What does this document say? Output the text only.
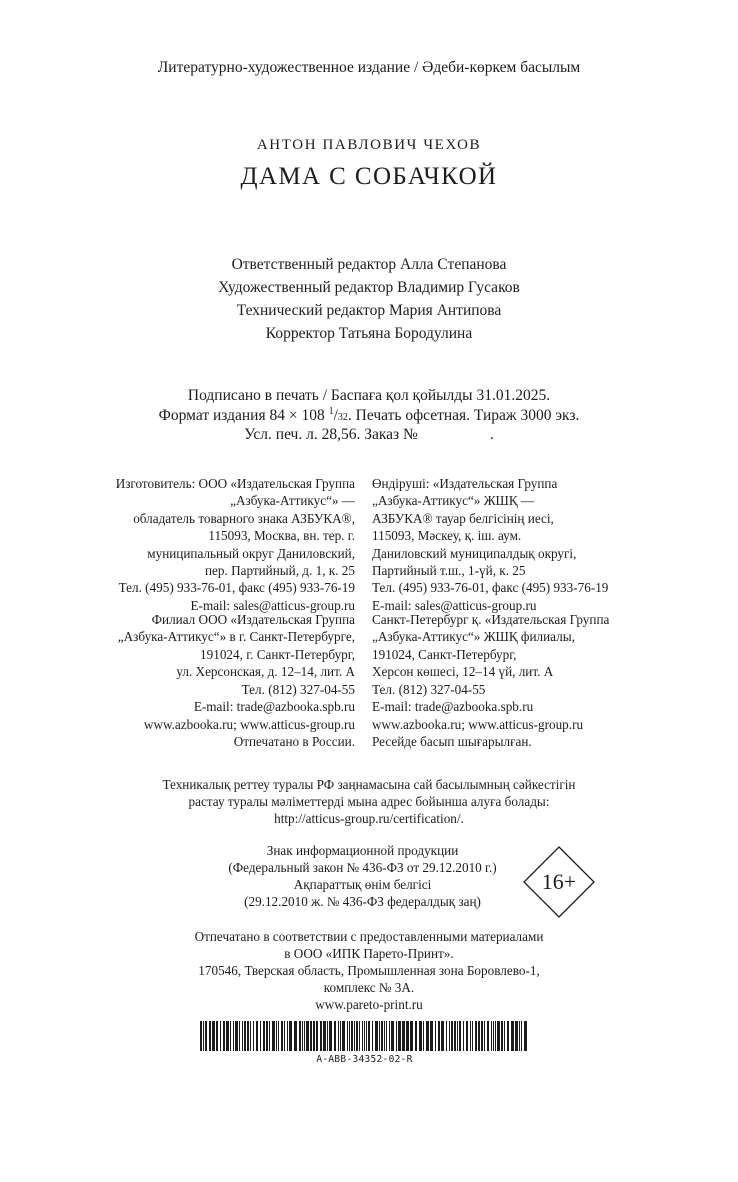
Литературно-художественное издание / Әдеби-көркем басылым
АНТОН ПАВЛОВИЧ ЧЕХОВ
ДАМА С СОБАЧКОЙ
Ответственный редактор Алла Степанова
Художественный редактор Владимир Гусаков
Технический редактор Мария Антипова
Корректор Татьяна Бородулина
Подписано в печать / Баспаға қол қойылды 31.01.2025.
Формат издания 84 × 108 $^1$/32. Печать офсетная. Тираж 3000 экз.
Усл. печ. л. 28,56. Заказ №	.
Изготовитель: ООО «Издательская Группа
„Азбука-Аттикус“» —
обладатель товарного знака АЗБУКА®,
115093, Москва, вн. тер. г.
муниципальный округ Даниловский,
пер. Партийный, д. 1, к. 25
Тел. (495) 933-76-01, факс (495) 933-76-19
E-mail: sales@atticus-group.ru
Өндіруші: «Издательская Группа
„Азбука-Аттикус“» ЖШҚ —
АЗБУКА® тауар белгісінің иесі,
115093, Мәскеу, қ. іш. аум.
Даниловский муниципалдық округі,
Партийный т.ш., 1-үй, к. 25
Тел. (495) 933-76-01, факс (495) 933-76-19
E-mail: sales@atticus-group.ru
Филиал ООО «Издательская Группа
„Азбука-Аттикус“» в г. Санкт-Петербурге,
191024, г. Санкт-Петербург,
ул. Херсонская, д. 12–14, лит. А
Тел. (812) 327-04-55
E-mail: trade@azbooka.spb.ru
Санкт-Петербург қ. «Издательская Группа
„Азбука-Аттикус“» ЖШҚ филиалы,
191024, Санкт-Петербург,
Херсон көшесі, 12–14 үй, лит. А
Тел. (812) 327-04-55
E-mail: trade@azbooka.spb.ru
www.azbooka.ru; www.atticus-group.ru
Отпечатано в России.
www.azbooka.ru; www.atticus-group.ru
Ресейде басып шығарылған.
Техникалық реттеу туралы РФ заңнамасына сай басылымның сәйкестігін
растау туралы мәліметтерді мына адрес бойынша алуға болады:
http://atticus-group.ru/certification/.
Знак информационной продукции
(Федеральный закон № 436-ФЗ от 29.12.2010 г.)
Ақпараттық өнім белгісі
(29.12.2010 ж. № 436-ФЗ федералдық заң)
16+
Отпечатано в соответствии с предоставленными материалами
в ООО «ИПК Парето-Принт».
170546, Тверская область, Промышленная зона Боровлево-1,
комплекс № 3А.
www.pareto-print.ru
A-ABB-34352-02-R
